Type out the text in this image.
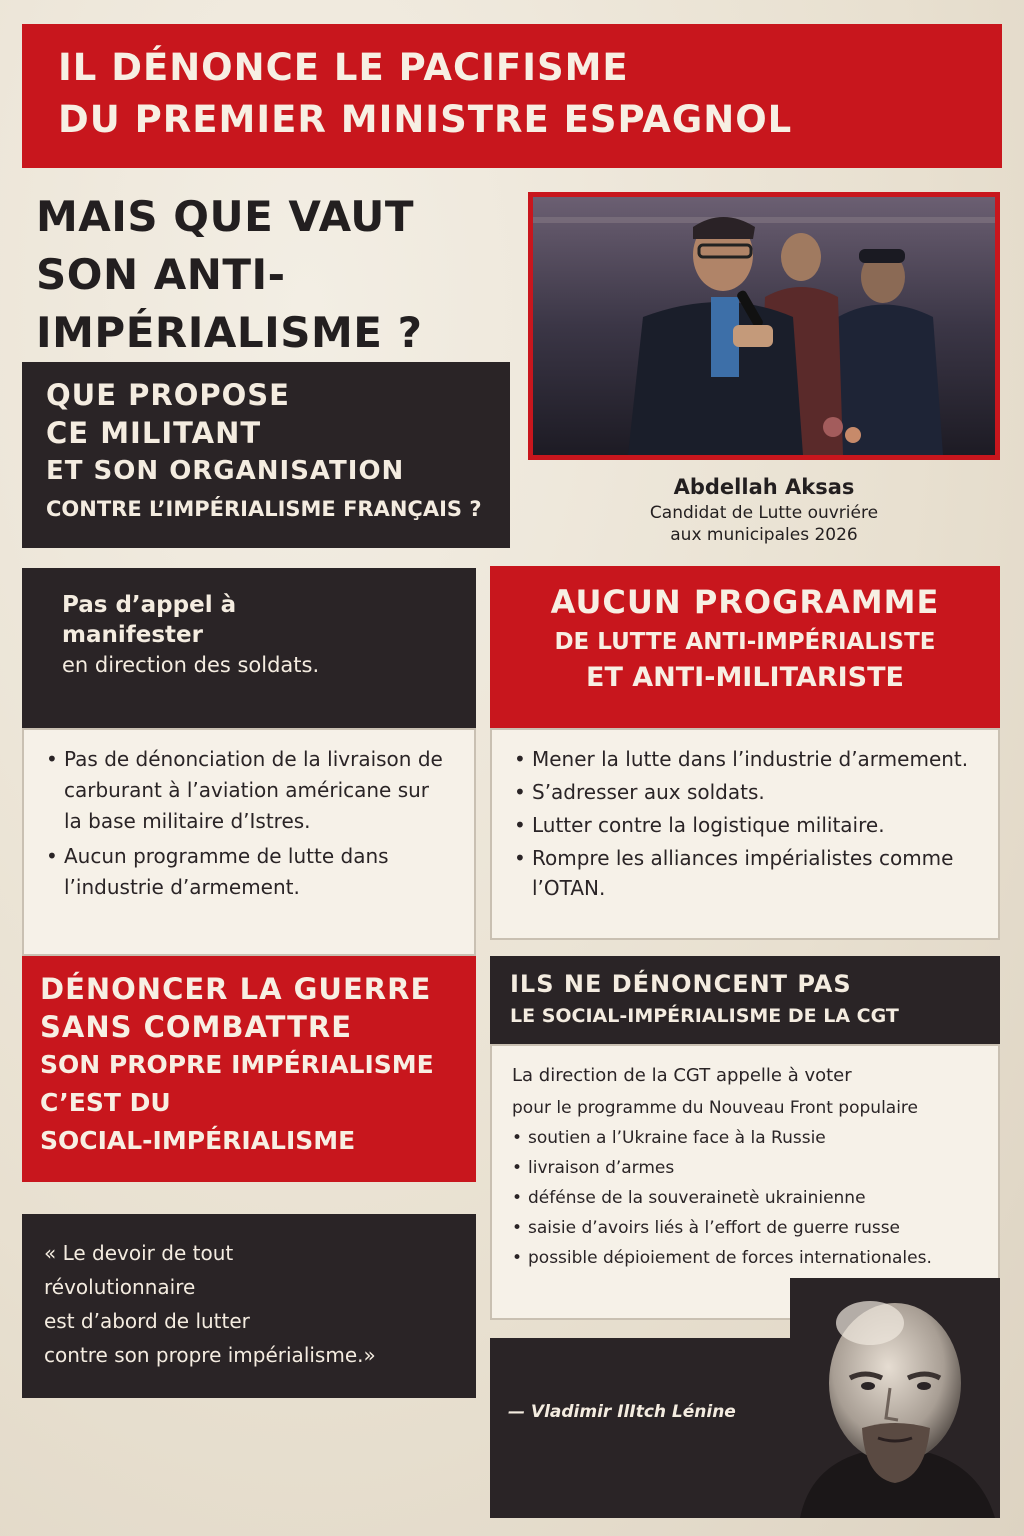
IL DÉNONCE LE PACIFISME
DU PREMIER MINISTRE ESPAGNOL
MAIS QUE VAUT
SON ANTI-
IMPÉRIALISME ?
QUE PROPOSE
CE MILITANT
ET SON ORGANISATION
CONTRE L’IMPÉRIALISME FRANÇAIS ?
Abdellah Aksas
Candidat de Lutte ouvriére
aux municipales 2026
Pas d’appel à
manifester
en direction des soldats.
• Pas de dénonciation de la livraison de carburant à l’aviation américane sur la base militaire d’Istres.
• Aucun programme de lutte dans l’industrie d’armement.
AUCUN PROGRAMME
DE LUTTE ANTI-IMPÉRIALISTE
ET ANTI-MILITARISTE
• Mener la lutte dans l’industrie d’armement.
• S’adresser aux soldats.
• Lutter contre la logistique militaire.
• Rompre les alliances impérialistes comme l’OTAN.
DÉNONCER LA GUERRE
SANS COMBATTRE
SON PROPRE IMPÉRIALISME
C’EST DU
SOCIAL-IMPÉRIALISME
ILS NE DÉNONCENT PAS
LE SOCIAL-IMPÉRIALISME DE LA CGT
La direction de la CGT appelle à voter
pour le programme du Nouveau Front populaire
• soutien a l’Ukraine face à la Russie
• livraison d’armes
• défénse de la souverainetè ukrainienne
• saisie d’avoirs liés à l’effort de guerre russe
• possible dépioiement de forces internationales.
« Le devoir de tout
révolutionnaire
est d’abord de lutter
contre son propre impérialisme.»
— Vladimir IlItch Lénine
